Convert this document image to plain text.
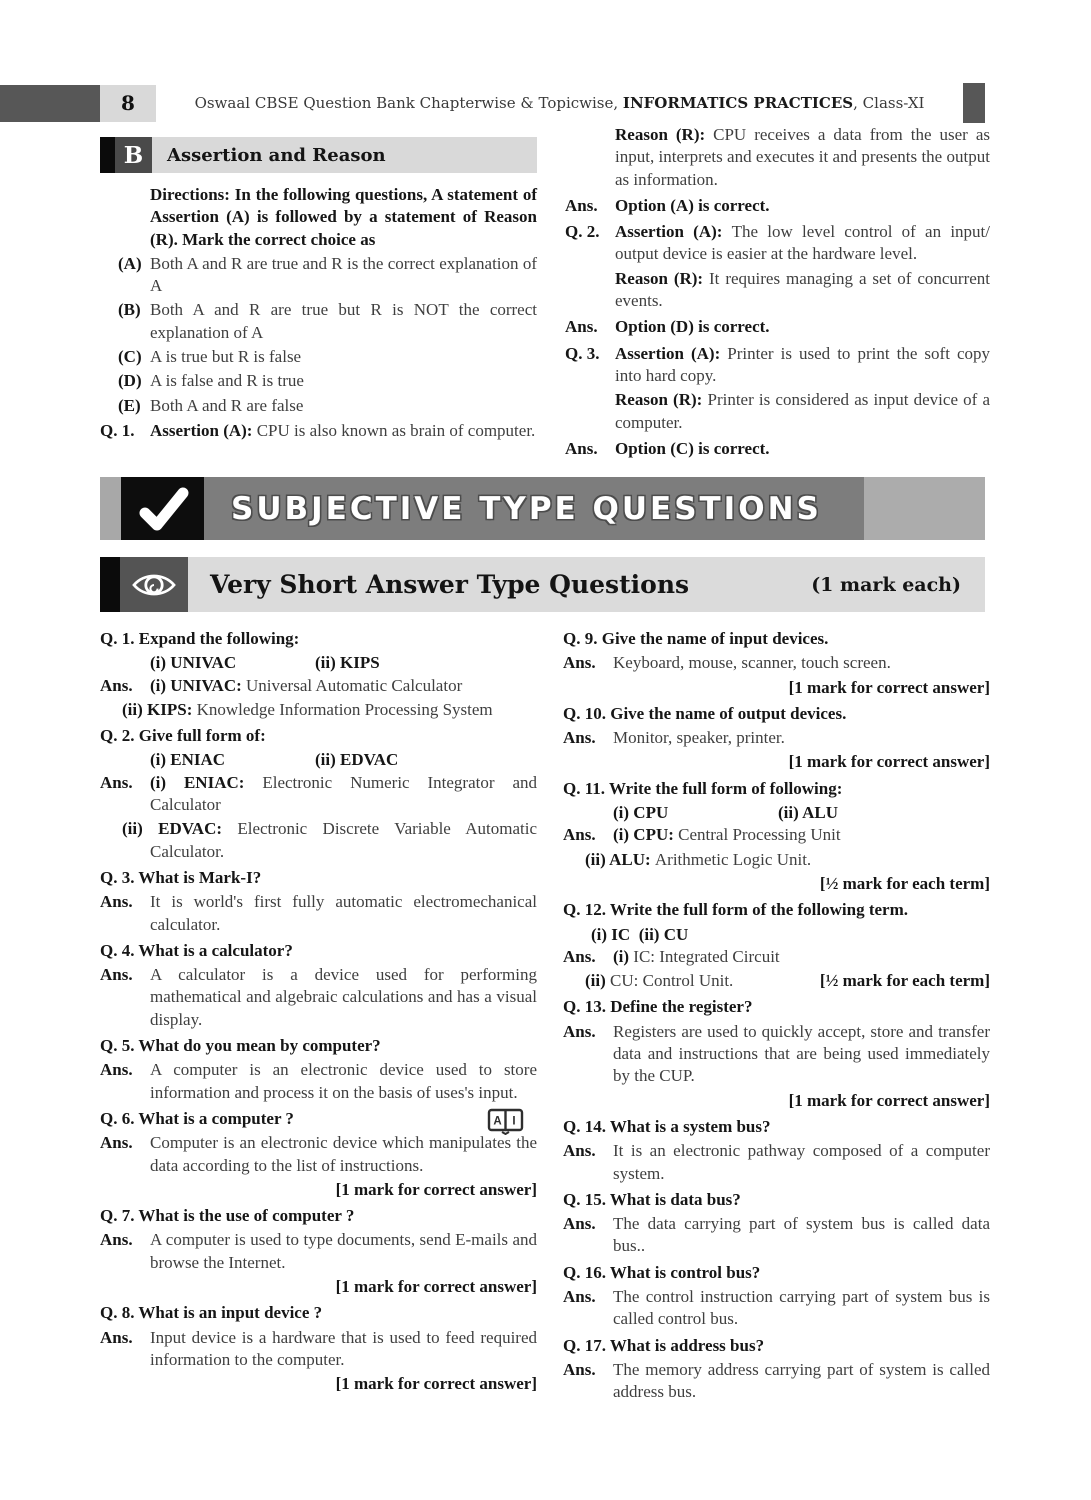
8	Oswaal CBSE Question Bank Chapterwise & Topicwise, INFORMATICS PRACTICES, Class-XI
B	Assertion and Reason
Directions: In the following questions, A statement of Assertion (A) is followed by a statement of Reason (R). Mark the correct choice as
(A) Both A and R are true and R is the correct explanation of A
(B) Both A and R are true but R is NOT the correct explanation of A
(C) A is true but R is false
(D) A is false and R is true
(E) Both A and R are false
Q. 1. Assertion (A): CPU is also known as brain of computer.
Reason (R): CPU receives a data from the user as input, interprets and executes it and presents the output as information.
Ans. Option (A) is correct.
Q. 2. Assertion (A): The low level control of an input/ output device is easier at the hardware level.
Reason (R): It requires managing a set of concurrent events.
Ans. Option (D) is correct.
Q. 3. Assertion (A): Printer is used to print the soft copy into hard copy.
Reason (R): Printer is considered as input device of a computer.
Ans. Option (C) is correct.
SUBJECTIVE TYPE QUESTIONS
Very Short Answer Type Questions	(1 mark each)
Q. 1. Expand the following:
(i) UNIVAC	(ii) KIPS
Ans. (i) UNIVAC: Universal Automatic Calculator
(ii) KIPS: Knowledge Information Processing System
Q. 2. Give full form of:
(i) ENIAC	(ii) EDVAC
Ans. (i) ENIAC: Electronic Numeric Integrator and Calculator
(ii) EDVAC: Electronic Discrete Variable Automatic Calculator.
Q. 3. What is Mark-I?
Ans. It is world's first fully automatic electromechanical calculator.
Q. 4. What is a calculator?
Ans. A calculator is a device used for performing mathematical and algebraic calculations and has a visual display.
Q. 5. What do you mean by computer?
Ans. A computer is an electronic device used to store information and process it on the basis of uses's input.
Q. 6. What is a computer ?	A I
Ans. Computer is an electronic device which manipulates the data according to the list of instructions.
[1 mark for correct answer]
Q. 7. What is the use of computer ?
Ans. A computer is used to type documents, send E-mails and browse the Internet.
[1 mark for correct answer]
Q. 8. What is an input device ?
Ans. Input device is a hardware that is used to feed required information to the computer.
[1 mark for correct answer]
Q. 9. Give the name of input devices.
Ans. Keyboard, mouse, scanner, touch screen.
[1 mark for correct answer]
Q. 10. Give the name of output devices.
Ans. Monitor, speaker, printer.
[1 mark for correct answer]
Q. 11. Write the full form of following:
(i) CPU	(ii) ALU
Ans. (i) CPU: Central Processing Unit
(ii) ALU: Arithmetic Logic Unit.
[½ mark for each term]
Q. 12. Write the full form of the following term.
(i) IC  (ii) CU
Ans. (i) IC: Integrated Circuit
[½ mark for each term]
(ii) CU: Control Unit.
Q. 13. Define the register?
Ans. Registers are used to quickly accept, store and transfer data and instructions that are being used immediately by the CUP.
[1 mark for correct answer]
Q. 14. What is a system bus?
Ans. It is an electronic pathway composed of a computer system.
Q. 15. What is data bus?
Ans. The data carrying part of system bus is called data bus..
Q. 16. What is control bus?
Ans. The control instruction carrying part of system bus is called control bus.
Q. 17. What is address bus?
Ans. The memory address carrying part of system is called address bus.
